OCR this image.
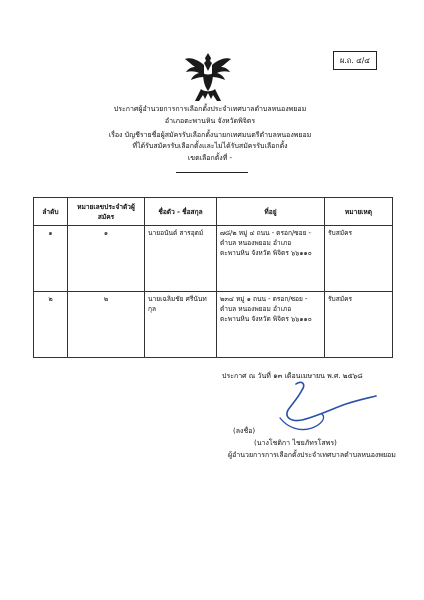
ผ.ถ. ๔/๔
ประกาศผู้อำนวยการการเลือกตั้งประจำเทศบาลตำบลหนองพยอม
อำเภอตะพานหิน จังหวัดพิจิตร
เรื่อง บัญชีรายชื่อผู้สมัครรับเลือกตั้งนายกเทศมนตรีตำบลหนองพยอม
ที่ได้รับสมัครรับเลือกตั้งและไม่ได้รับสมัครรับเลือกตั้ง
เขตเลือกตั้งที่ -
ลำดับ	หมายเลขประจำตัวผู้สมัคร	ชื่อตัว - ชื่อสกุล	ที่อยู่	หมายเหตุ
๑	๑	นายอนันต์ สารอุตม์	๗๘/๒ หมู่ ๔ ถนน - ตรอก/ซอย - ตำบล หนองพยอม อำเภอ ตะพานหิน จังหวัด พิจิตร ๖๖๑๑๐	รับสมัคร
๒	๒	นายเฉลิมชัย ศรีนันทกุล	๒๓๔ หมู่ ๑ ถนน - ตรอก/ซอย - ตำบล หนองพยอม อำเภอ ตะพานหิน จังหวัด พิจิตร ๖๖๑๑๐	รับสมัคร
ประกาศ ณ วันที่ ๑๓ เดือนเมษายน พ.ศ. ๒๕๖๘
(ลงชื่อ)
(นางโชติกา ไชยภัทรโสพร)
ผู้อำนวยการการเลือกตั้งประจำเทศบาลตำบลหนองพยอม
